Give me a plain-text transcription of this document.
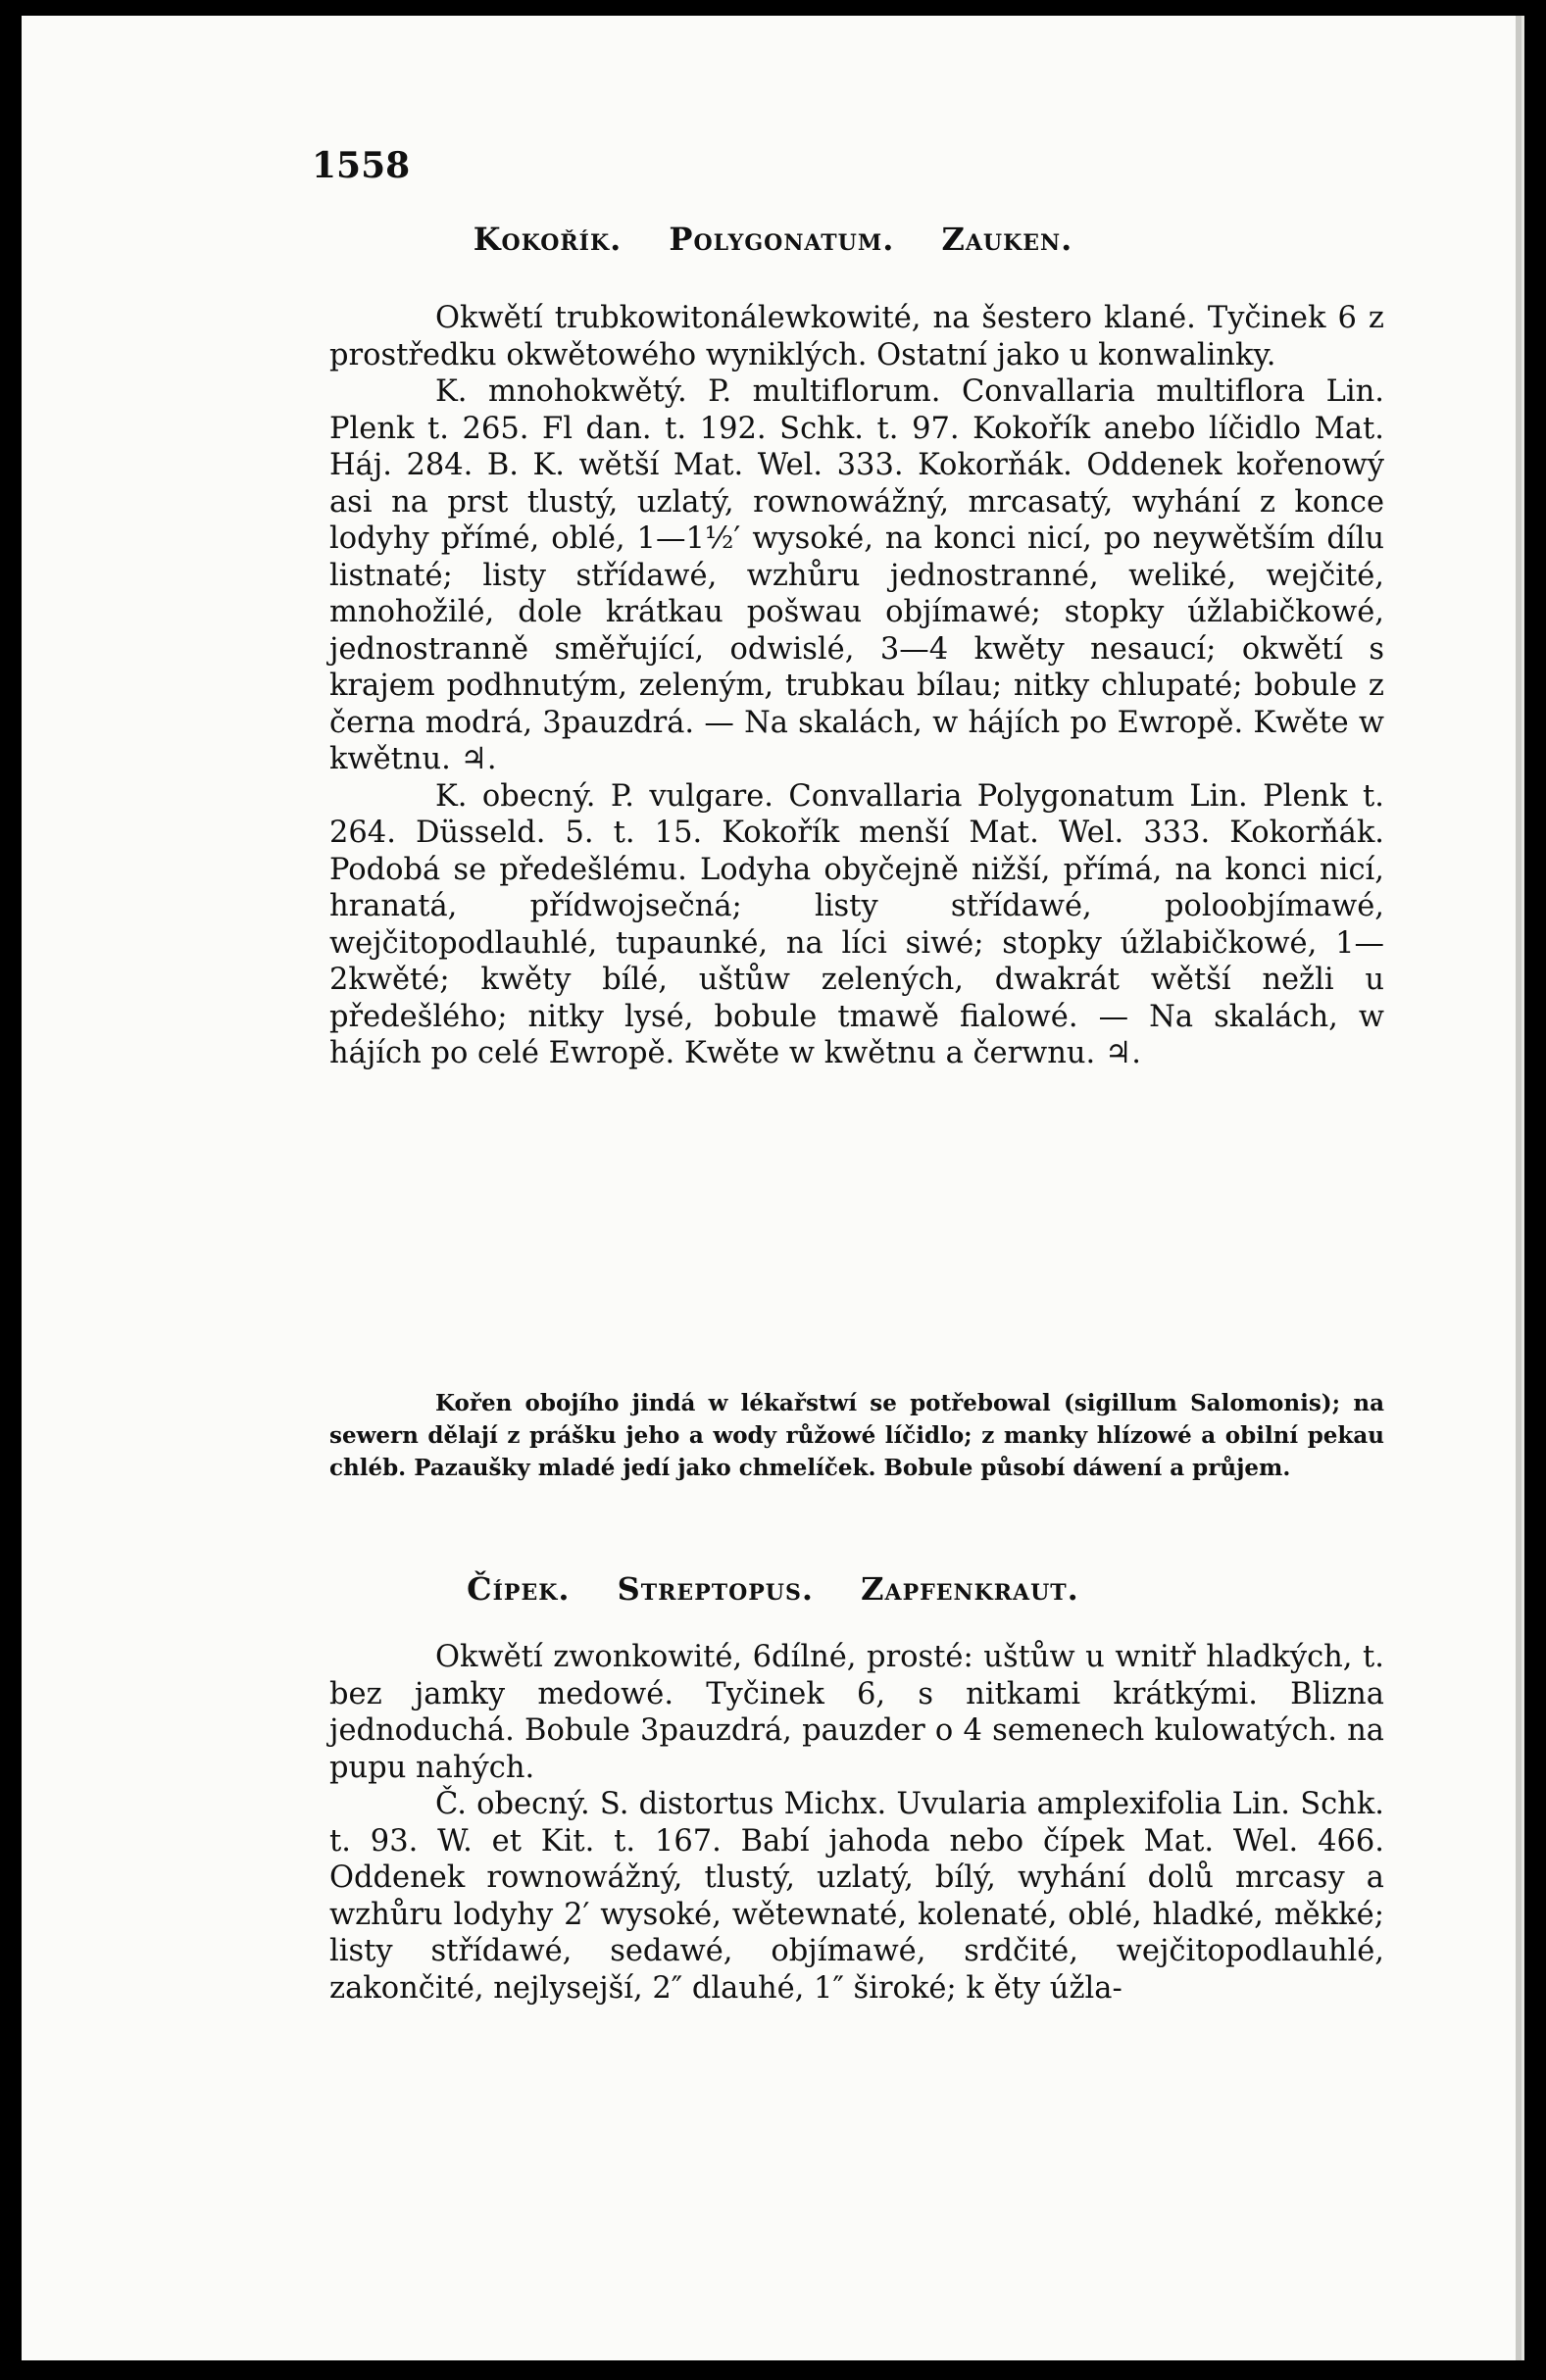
1558
Kokořík. Polygonatum. Zauken.

Okwětí trubkowitonálewkowité, na šestero klané. Tyčinek 6 z prostředku okwětowého wyniklých. Ostatní jako u konwalinky.

K. mnohokwětý. P. multiflorum. Convallaria multiflora Lin. Plenk t. 265. Fl dan. t. 192. Schk. t. 97. Kokořík anebo líčidlo Mat. Háj. 284. B. K. wětší Mat. Wel. 333. Kokorňák. Oddenek kořenowý asi na prst tlustý, uzlatý, rownowážný, mrcasatý, wyhání z konce lodyhy přímé, oblé, 1—1½′ wysoké, na konci nicí, po neywětším dílu listnaté; listy střídawé, wzhůru jednostranné, weliké, wejčité, mnohožilé, dole krátkau pošwau objímawé; stopky úžlabičkowé, jednostranně směřující, odwislé, 3—4 kwěty nesaucí; okwětí s krajem podhnutým, zeleným, trubkau bílau; nitky chlupaté; bobule z černa modrá, 3pauzdrá. — Na skalách, w hájích po Ewropě. Kwěte w kwětnu. ♃.

K. obecný. P. vulgare. Convallaria Polygonatum Lin. Plenk t. 264. Düsseld. 5. t. 15. Kokořík menší Mat. Wel. 333. Kokorňák. Podobá se předešlému. Lodyha obyčejně nižší, přímá, na konci nicí, hranatá, přídwojsečná; listy střídawé, poloobjímawé, wejčitopodlauhlé, tupaunké, na líci siwé; stopky úžlabičkowé, 1—2kwěté; kwěty bílé, uštůw zelených, dwakrát wětší nežli u předešlého; nitky lysé, bobule tmawě fialowé. — Na skalách, w hájích po celé Ewropě. Kwěte w kwětnu a čerwnu. ♃.

Kořen obojího jindá w lékařstwí se potřebowal (sigillum Salomonis); na sewern dělají z prášku jeho a wody růžowé líčidlo; z manky hlízowé a obilní pekau chléb. Pazaušky mladé jedí jako chmelíček. Bobule působí dáwení a průjem.

Čípek. Streptopus. Zapfenkraut.

Okwětí zwonkowité, 6dílné, prosté: uštůw u wnitř hladkých, t. bez jamky medowé. Tyčinek 6, s nitkami krátkými. Blizna jednoduchá. Bobule 3pauzdrá, pauzder o 4 semenech kulowatých. na pupu nahých.

Č. obecný. S. distortus Michx. Uvularia amplexifolia Lin. Schk. t. 93. W. et Kit. t. 167. Babí jahoda nebo čípek Mat. Wel. 466. Oddenek rownowážný, tlustý, uzlatý, bílý, wyhání dolů mrcasy a wzhůru lodyhy 2′ wysoké, wětewnaté, kolenaté, oblé, hladké, měkké; listy střídawé, sedawé, objímawé, srdčité, wejčitopodlauhlé, zakončité, nejlysejší, 2″ dlauhé, 1″ široké; k ěty úžla-
